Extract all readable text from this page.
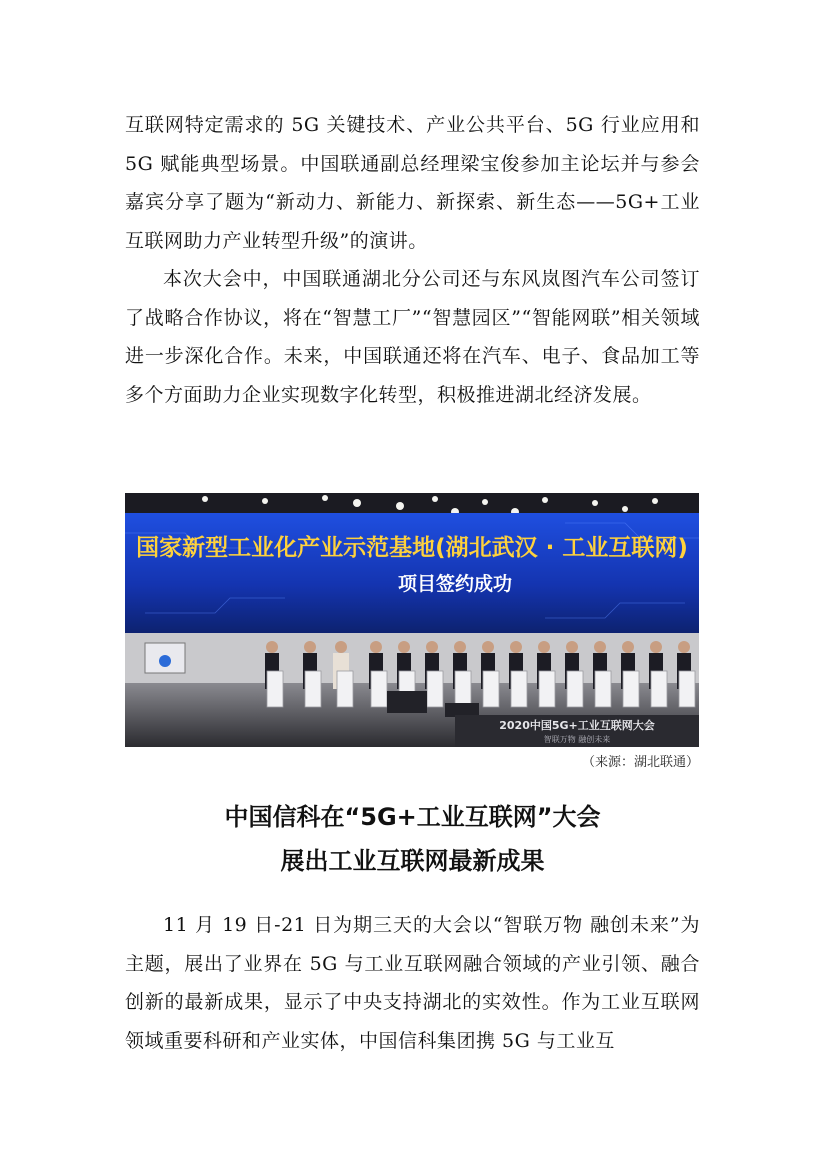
互联网特定需求的 5G 关键技术、产业公共平台、5G 行业应用和 5G 赋能典型场景。中国联通副总经理梁宝俊参加主论坛并与参会嘉宾分享了题为“新动力、新能力、新探索、新生态——5G+工业互联网助力产业转型升级”的演讲。

本次大会中，中国联通湖北分公司还与东风岚图汽车公司签订了战略合作协议，将在“智慧工厂”“智慧园区”“智能网联”相关领域进一步深化合作。未来，中国联通还将在汽车、电子、食品加工等多个方面助力企业实现数字化转型，积极推进湖北经济发展。

国家新型工业化产业示范基地(湖北武汉 · 工业互联网)
项目签约成功
2020中国5G+工业互联网大会
智联万物 融创未来
（来源：湖北联通）
中国信科在“5G+工业互联网”大会
展出工业互联网最新成果

11 月 19 日-21 日为期三天的大会以“智联万物 融创未来”为主题，展出了业界在 5G 与工业互联网融合领域的产业引领、融合创新的最新成果，显示了中央支持湖北的实效性。作为工业互联网领域重要科研和产业实体，中国信科集团携 5G 与工业互
